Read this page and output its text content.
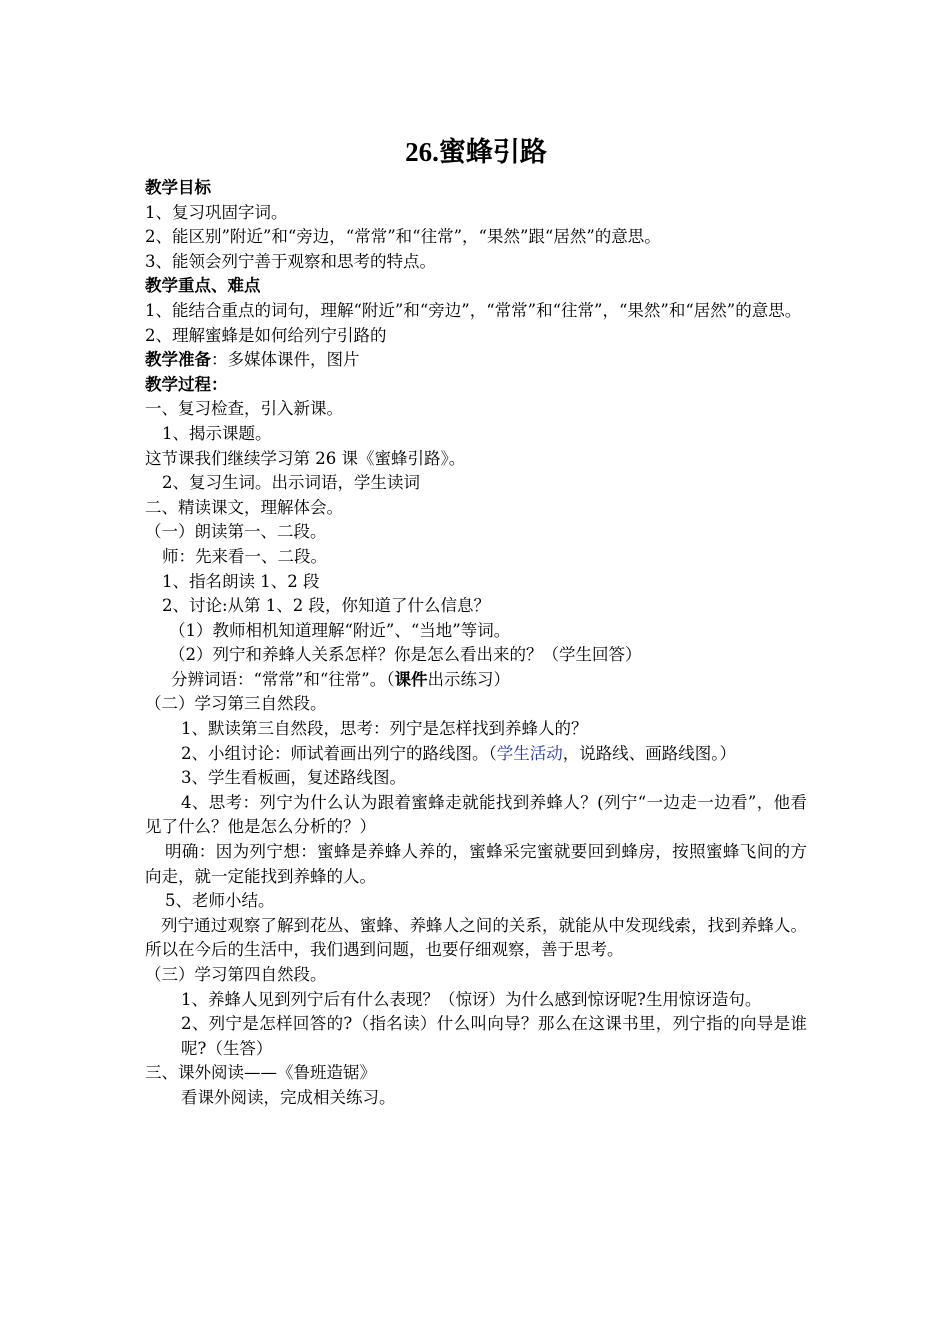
26.蜜蜂引路

教学目标

1、复习巩固字词。

2、能区别”附近”和“旁边，“常常”和“往常”，“果然”跟“居然”的意思。

3、能领会列宁善于观察和思考的特点。

教学重点、难点

1、能结合重点的词句，理解“附近”和“旁边”，“常常”和“往常”，“果然”和“居然”的意思。

2、理解蜜蜂是如何给列宁引路的

教学准备：多媒体课件，图片

教学过程：

一、复习检查，引入新课。

1、揭示课题。

这节课我们继续学习第 26 课《蜜蜂引路》。

2、复习生词。出示词语，学生读词

二、精读课文，理解体会。

（一）朗读第一、二段。

师：先来看一、二段。

1、指名朗读 1、2 段

2、讨论:从第 1、2 段，你知道了什么信息？

（1）教师相机知道理解“附近”、“当地”等词。

（2）列宁和养蜂人关系怎样？你是怎么看出来的？（学生回答）

分辨词语：“常常”和“往常”。（课件出示练习）

（二）学习第三自然段。

1、默读第三自然段，思考：列宁是怎样找到养蜂人的？

2、小组讨论：师试着画出列宁的路线图。（学生活动，说路线、画路线图。）

3、学生看板画，复述路线图。

4、思考：列宁为什么认为跟着蜜蜂走就能找到养蜂人？(列宁“一边走一边看”，他看见了什么？他是怎么分析的？）

明确：因为列宁想：蜜蜂是养蜂人养的，蜜蜂采完蜜就要回到蜂房，按照蜜蜂飞间的方向走，就一定能找到养蜂的人。

5、老师小结。

列宁通过观察了解到花丛、蜜蜂、养蜂人之间的关系，就能从中发现线索，找到养蜂人。所以在今后的生活中，我们遇到问题，也要仔细观察，善于思考。

（三）学习第四自然段。

1、养蜂人见到列宁后有什么表现？（惊讶）为什么感到惊讶呢?生用惊讶造句。

2、列宁是怎样回答的?（指名读）什么叫向导？那么在这课书里，列宁指的向导是谁呢?（生答）

三、课外阅读——《鲁班造锯》

看课外阅读，完成相关练习。
